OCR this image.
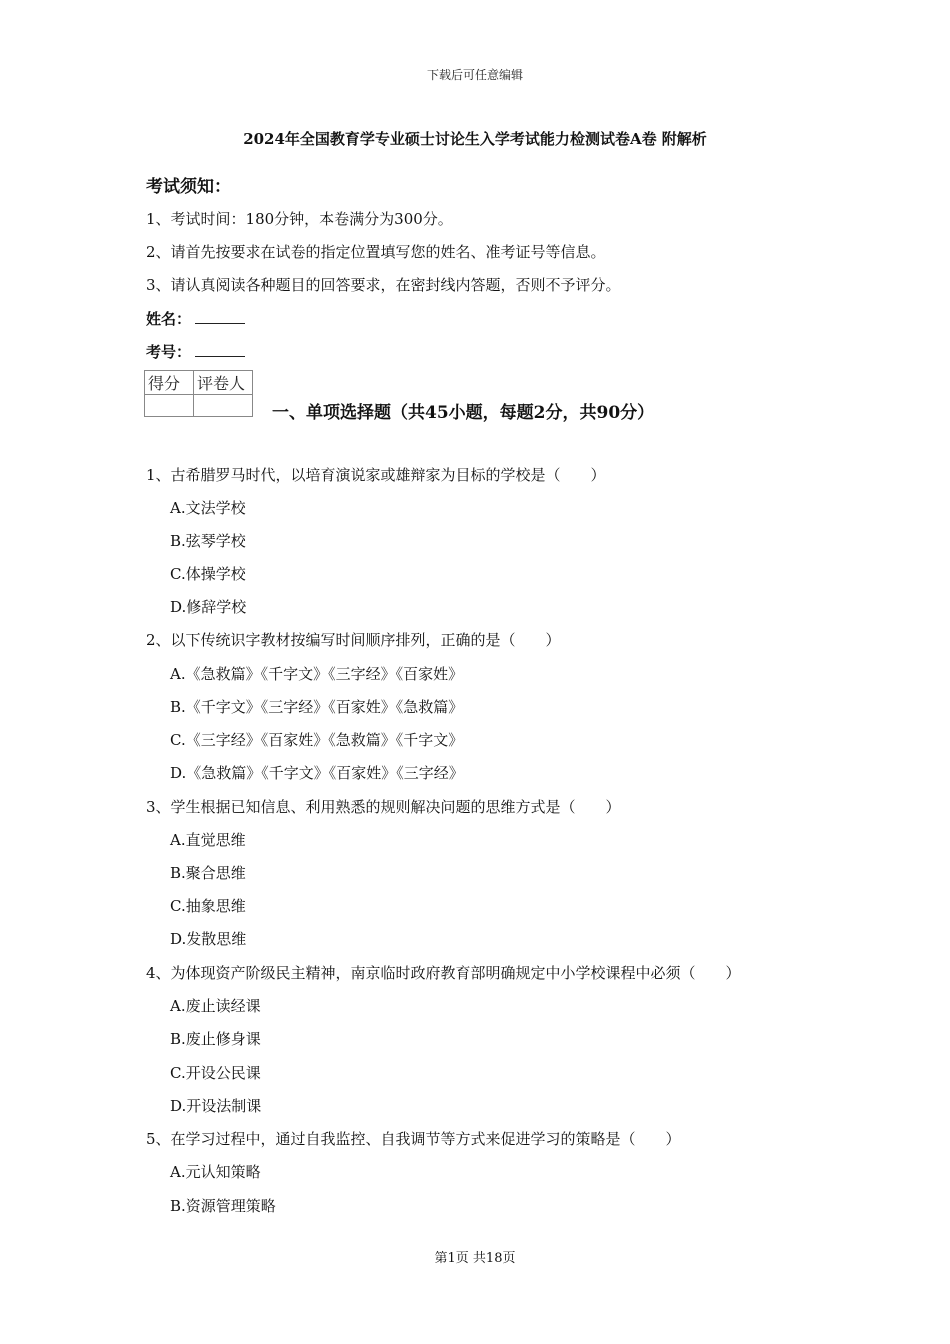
下载后可任意编辑
2024年全国教育学专业硕士讨论生入学考试能力检测试卷A卷 附解析
考试须知：
1、考试时间：180分钟，本卷满分为300分。
2、请首先按要求在试卷的指定位置填写您的姓名、准考证号等信息。
3、请认真阅读各种题目的回答要求，在密封线内答题，否则不予评分。
姓名：
考号：
得分	评卷人

一、单项选择题（共45小题，每题2分，共90分）
1、古希腊罗马时代，以培育演说家或雄辩家为目标的学校是（　　）
A.文法学校
B.弦琴学校
C.体操学校
D.修辞学校
2、以下传统识字教材按编写时间顺序排列，正确的是（　　）
A.《急救篇》《千字文》《三字经》《百家姓》
B.《千字文》《三字经》《百家姓》《急救篇》
C.《三字经》《百家姓》《急救篇》《千字文》
D.《急救篇》《千字文》《百家姓》《三字经》
3、学生根据已知信息、利用熟悉的规则解决问题的思维方式是（　　）
A.直觉思维
B.聚合思维
C.抽象思维
D.发散思维
4、为体现资产阶级民主精神，南京临时政府教育部明确规定中小学校课程中必须（　　）
A.废止读经课
B.废止修身课
C.开设公民课
D.开设法制课
5、在学习过程中，通过自我监控、自我调节等方式来促进学习的策略是（　　）
A.元认知策略
B.资源管理策略
第1页 共18页
